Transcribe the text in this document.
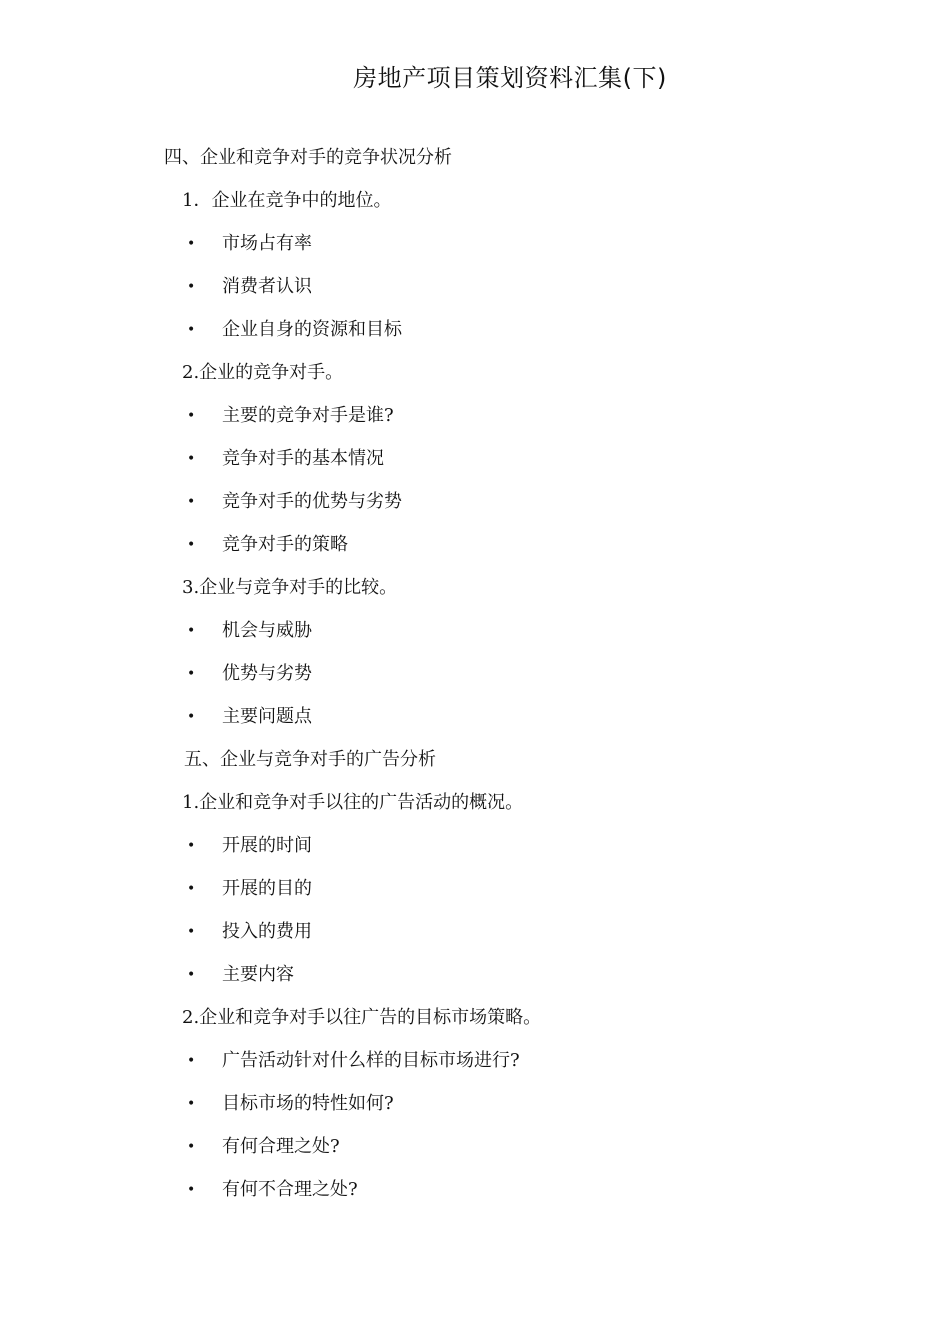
房地产项目策划资料汇集(下)
四、企业和竞争对手的竞争状况分析
1．企业在竞争中的地位。
• 市场占有率
• 消费者认识
• 企业自身的资源和目标
2.企业的竞争对手。
• 主要的竞争对手是谁?
• 竞争对手的基本情况
• 竞争对手的优势与劣势
• 竞争对手的策略
3.企业与竞争对手的比较。
• 机会与威胁
• 优势与劣势
• 主要问题点
五、企业与竞争对手的广告分析
1.企业和竞争对手以往的广告活动的概况。
• 开展的时间
• 开展的目的
• 投入的费用
• 主要内容
2.企业和竞争对手以往广告的目标市场策略。
• 广告活动针对什么样的目标市场进行?
• 目标市场的特性如何?
• 有何合理之处?
• 有何不合理之处?
